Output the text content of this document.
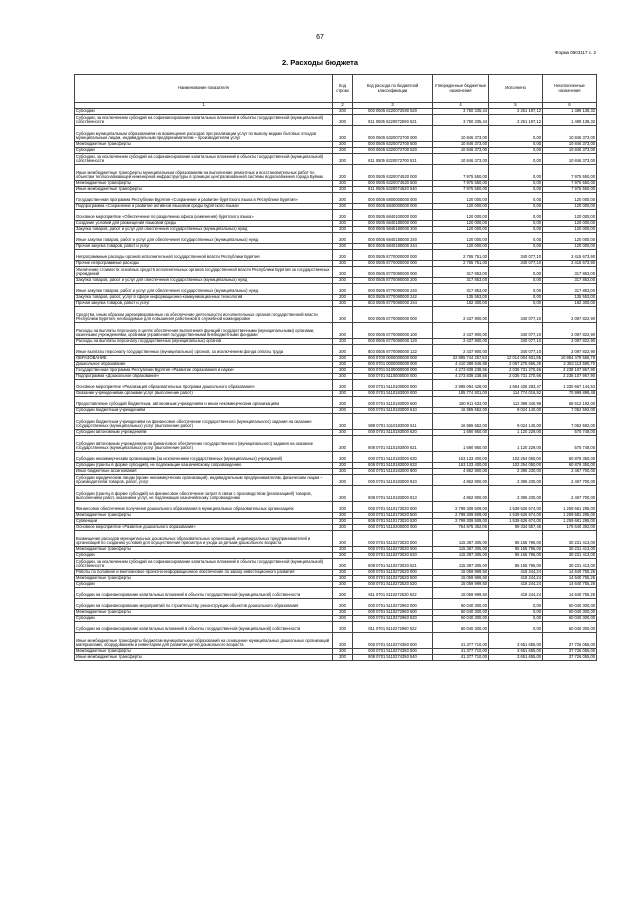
67
Форма 0503117 с. 2
2. Расходы бюджета
Наименование показателя	Код строки	Код расхода по бюджетной классификации	Утвержденные бюджетные назначения	Исполнено	Неисполненные назначения
1	2	3	4	5	6
Субсидии	200	000 0505 6220072590 520	3 750 335,44	2 261 197,12	1 489 138,32
Субсидии, за исключением субсидий на софинансирование капитальных вложений в объекты государственной (муниципальной) собственности	200	811 0505 6220072590 521	3 750 335,44	2 261 197,12	1 489 138,32
Субсидии муниципальным образованиям на возмещение расходов при реализации услуг по вывозу жидких бытовых отходов муниципальным лицам, индивидуальным предпринимателям – производителям услуг	200	000 0505 6320072700 000	10 846 373,00	0,00	10 846 373,00
Межбюджетные трансферты	200	000 0505 6320072700 500	10 846 373,00	0,00	10 846 373,00
Субсидии	200	000 0505 6320072700 520	10 846 373,00	0,00	10 846 373,00
Субсидии, за исключением субсидий на софинансирование капитальных вложений в объекты государственной (муниципальной) собственности	200	811 0505 6320072700 521	10 846 373,00	0,00	10 846 373,00
Иные межбюджетные трансферты муниципальным образованиям на выполнение ремонтных и восстановительных работ по объектам теплоснабжающей инженерной инфраструктуры в границах централизованной системы водоснабжения города Буйнак	200	000 0505 6320074520 000	7 975 550,00	0,00	7 975 550,00
Межбюджетные трансферты	200	000 0505 6320074520 500	7 975 550,00	0,00	7 975 550,00
Иные межбюджетные трансферты	200	811 0505 6320074520 540	7 975 550,00	0,00	7 975 550,00
Государственная программа Республики Бурятия «Сохранение и развитие бурятского языка в Республике Бурятия»	200	000 0505 6800000000 000	120 000,00	0,00	120 000,00
Подпрограмма «Сохранение и развитие активной языковой среды бурятского языка»	200	000 0505 6840000000 000	120 000,00	0,00	120 000,00
Основное мероприятие «Обеспечение по разделению офиса (изменения) бурятского языка»	200	000 0505 6840100000 000	120 000,00	0,00	120 000,00
Создание условий для размещения языковой среды	200	000 0505 6840180000 000	120 000,00	0,00	120 000,00
Закупка товаров, работ и услуг для обеспечения государственных (муниципальных) нужд	200	000 0505 6840180000 200	120 000,00	0,00	120 000,00
Иные закупки товаров, работ и услуг для обеспечения государственных (муниципальных) нужд	200	000 0505 6840180000 240	120 000,00	0,00	120 000,00
Прочая закупка товаров, работ и услуг	200	802 0505 6840180000 244	120 000,00	0,00	120 000,00
Непрограммные расходы органов исполнительной государственной власти Республики Бурятия	200	000 0505 8770000000 000	2 755 751,00	340 077,10	2 415 673,90
Прочие непрограммные расходы	200	000 0505 8770000000 000	2 755 751,00	340 077,10	2 415 673,90
Увеличение стоимости основных средств исполнительных органов государственной власти Республики Бурятия за государственных учреждений	200	000 0505 8770090000 000	317 853,00	0,00	317 853,00
Закупка товаров, работ и услуг для обеспечения государственных (муниципальных) нужд	200	000 0505 8770090000 200	317 853,00	0,00	317 853,00
Иные закупки товаров, работ и услуг для обеспечения государственных (муниципальных) нужд	200	000 0505 8770090000 240	317 853,00	0,00	317 853,00
Закупка товаров, работ, услуг в сфере информационно-коммуникационных технологий	200	803 0505 8770090000 242	135 553,00	0,00	135 553,00
Прочая закупка товаров, работ и услуг	200	803 0505 8770090000 244	182 300,00	0,00	182 300,00
Средства, иным образом зарезервированные на обеспечение деятельности исполнительных органов государственной власти Республики Бурятия, необходимые для повышения работников в служебной командировке	200	000 0505 8770090000 000	2 437 900,00	340 077,10	2 097 822,90
Расходы на выплаты персоналу в целях обеспечения выполнения функций государственными (муниципальными) органами, казенными учреждениями, органами управления государственными внебюджетными фондами	200	000 0505 8770090000 100	2 437 900,00	340 077,10	2 097 822,90
Расходы на выплаты персоналу государственных (муниципальных) органов	200	000 0505 8770090000 120	2 437 900,00	340 077,10	2 097 822,90
Иные выплаты персоналу государственных (муниципальных) органов, за исключением фонда оплаты труда	200	803 0505 8770090000 122	2 437 900,00	340 077,10	2 097 822,90
ОБРАЗОВАНИЕ	200	000 0700 0000000000 000	22 895 744 267,53	12 014 004 601,85	10 884 479 565,78
Дошкольное образование	200	000 0701 0000000000 000	4 410 389 646,85	2 057 275 656,25	2 353 113 590,70
Государственная программа Республики Бурятия «Развитие образования и науки»	200	000 0701 5100000000 000	4 273 839 238,56	2 035 731 270,66	2 238 107 967,90
Подпрограмма «Дошкольное образование»	200	000 0701 5110000000 000	4 273 839 238,56	2 035 731 270,66	2 238 107 967,90
Основное мероприятие «Реализация образовательных программ дошкольного образования»	200	000 0701 5110100000 000	2 985 094 428,00	1 654 426 283,47	1 330 667 144,53
Оказание учреждениями органами услуг (выполнение работ)	200	000 0701 5110183000 000	185 774 931,00	114 774 016,52	70 999 898,48
Предоставление субсидий бюджетным, автономным учреждениям и иным некоммерческим организациям	200	000 0701 5110183000 600	180 911 633,00	112 398 440,99	68 512 192,00
Субсидии бюджетным учреждениям	200	000 0701 5110183000 610	16 955 652,00	9 024 140,00	7 052 592,00
Субсидии бюджетным учреждениям на финансовое обеспечение государственного (муниципального) задания на оказание государственных (муниципальных) услуг (выполнение работ)	200	808 0701 5110183000 611	16 955 652,00	9 024 140,00	7 052 592,00
Субсидии автономным учреждениям	200	000 0701 5110183000 620	1 690 950,00	1 120 229,00	570 748,00
Субсидии автономным учреждениям на финансовое обеспечение государственного (муниципального) задания на оказание государственных (муниципальных) услуг (выполнение работ)	200	808 0701 5110183000 621	1 690 950,00	1 120 229,00	570 748,00
Субсидии некоммерческим организациям (за исключением государственных (муниципальных) учреждений)	200	000 0701 5110183000 630	163 133 400,00	102 254 050,00	60 879 350,00
Субсидии (гранты в форме субсидий), не подлежащие казначейскому сопровождению	200	808 0701 5110183000 633	163 133 400,00	102 254 050,00	60 879 350,00
Иные бюджетные ассигнования	200	000 0701 5110183000 800	4 862 900,00	2 395 230,00	2 467 700,00
Субсидии юридическим лицам (кроме некоммерческих организаций), индивидуальным предпринимателям, физическим лицам – производителям товаров, работ, услуг	200	000 0701 5110183000 810	4 862 900,00	2 395 230,00	2 467 700,00
Субсидии (гранты в форме субсидий) на финансовое обеспечение затрат в связи с производством (реализацией) товаров, выполнением работ, оказанием услуг, не подлежащие казначейскому сопровождению	200	808 0701 5110183000 813	4 862 900,00	2 395 230,00	2 467 700,00
Финансовое обеспечение получения дошкольного образования в муниципальных образовательных организациях	200	000 0701 5110173020 000	2 799 309 509,00	1 539 626 674,00	1 259 681 295,00
Межбюджетные трансферты	200	000 0701 5110173020 500	2 799 309 509,00	1 539 626 674,00	1 259 681 295,00
Субвенции	200	808 0701 5110173020 530	2 799 309 509,00	1 539 626 674,00	1 259 681 295,00
Основное мероприятие «Развитие дошкольного образования»	200	000 0701 5110200000 000	764 875 352,06	89 334 557,46	175 640 392,00
Возмещение расходов муниципальных дошкольных образовательных организаций, индивидуальных предпринимателей и организаций по созданию условий для осуществления присмотра и ухода за детьми-дошкольного возраста	200	000 0701 5110273020 000	115 387 305,00	85 155 796,00	30 231 413,00
Межбюджетные трансферты	200	000 0701 5110273020 500	115 387 305,00	85 155 796,00	30 231 413,00
Субсидии	200	000 0701 5110273020 520	115 387 305,00	85 155 796,00	30 231 413,00
Субсидии, за исключением субсидий на софинансирование капитальных вложений в объекты государственной (муниципальной) собственности	200	808 0701 5110273020 521	115 387 305,00	85 155 796,00	30 231 413,00
Работы по половине и внеплановое проектно-информационное обеспечение по заказу инвестиционного развития	200	000 0701 5110272520 000	15 059 999,50	418 244,24	14 640 755,26
Межбюджетные трансферты	200	000 0701 5110272520 500	15 059 999,50	418 244,24	14 640 755,26
Субсидии	200	000 0701 5110272520 520	15 059 999,50	418 244,24	14 640 755,26
Субсидии на софинансирование капитальных вложений в объекты государственной (муниципальной) собственности	200	811 0701 5110272520 522	15 059 999,50	418 244,24	14 640 755,26
Субсидии на софинансирование мероприятий по строительству, реконструкции объектов дошкольного образования	200	000 0701 5110272960 000	60 040 300,00	0,00	60 040 300,00
Межбюджетные трансферты	200	000 0701 5110272960 500	60 040 300,00	0,00	60 040 300,00
Субсидии	200	000 0701 5110272960 520	60 040 300,00	0,00	60 040 300,00
Субсидии на софинансирование капитальных вложений в объекты государственной (муниципальной) собственности	200	811 0701 5110272960 522	60 040 300,00	0,00	60 040 300,00
Иные межбюджетные трансферты бюджетам муниципальных образований на оснащение муниципальных дошкольных организаций материалами, оборудованием и инвентарем для развития детей дошкольного возраста	200	000 0701 5110274350 000	41 377 710,00	3 651 655,00	37 726 055,00
Межбюджетные трансферты	200	000 0701 5110274350 500	41 377 710,00	3 651 655,00	37 726 055,00
Иные межбюджетные трансферты	200	808 0701 5110274350 540	41 377 710,00	3 651 655,00	37 726 055,00
